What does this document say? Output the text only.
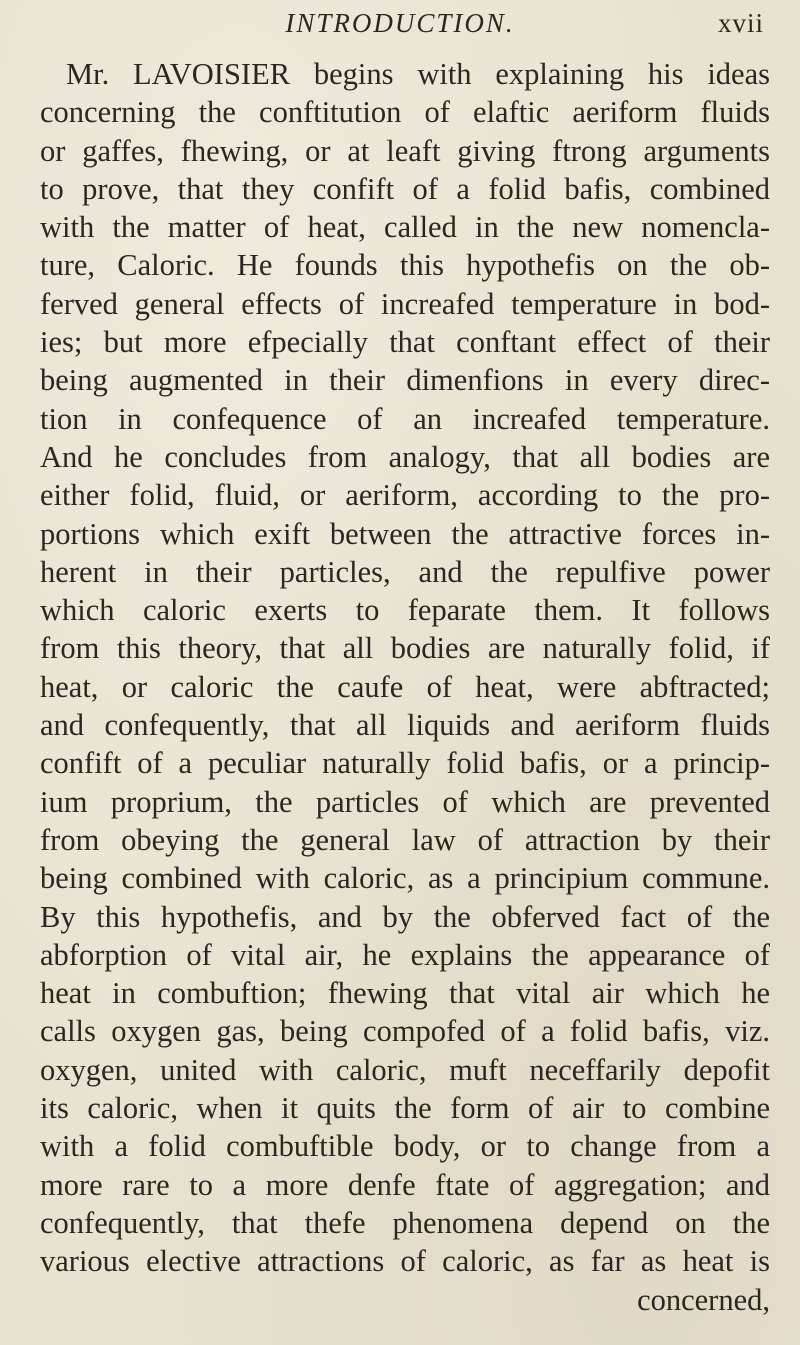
INTRODUCTION.	xvii
Mr. LAVOISIER begins with explaining his ideas
concerning the conftitution of elaftic aeriform fluids
or gaffes, fhewing, or at leaft giving ftrong arguments
to prove, that they confift of a folid bafis, combined
with the matter of heat, called in the new nomencla-
ture, Caloric. He founds this hypothefis on the ob-
ferved general effects of increafed temperature in bod-
ies; but more efpecially that conftant effect of their
being augmented in their dimenfions in every direc-
tion in confequence of an increafed temperature.
And he concludes from analogy, that all bodies are
either folid, fluid, or aeriform, according to the pro-
portions which exift between the attractive forces in-
herent in their particles, and the repulfive power
which caloric exerts to feparate them. It follows
from this theory, that all bodies are naturally folid, if
heat, or caloric the caufe of heat, were abftracted;
and confequently, that all liquids and aeriform fluids
confift of a peculiar naturally folid bafis, or a princip-
ium proprium, the particles of which are prevented
from obeying the general law of attraction by their
being combined with caloric, as a principium commune.
By this hypothefis, and by the obferved fact of the
abforption of vital air, he explains the appearance of
heat in combuftion; fhewing that vital air which he
calls oxygen gas, being compofed of a folid bafis, viz.
oxygen, united with caloric, muft neceffarily depofit
its caloric, when it quits the form of air to combine
with a folid combuftible body, or to change from a
more rare to a more denfe ftate of aggregation; and
confequently, that thefe phenomena depend on the
various elective attractions of caloric, as far as heat is
concerned,
